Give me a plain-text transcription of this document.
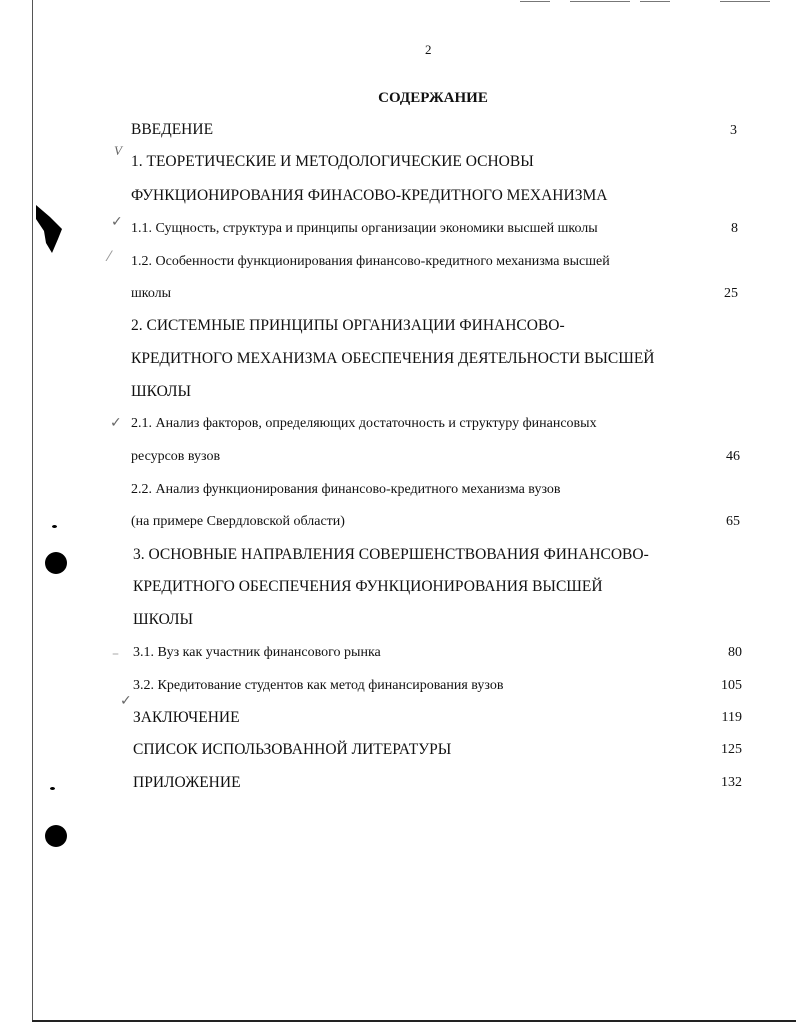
2
СОДЕРЖАНИЕ
V
✓
⁄
✓
–
✓
ВВЕДЕНИЕ	3
1. ТЕОРЕТИЧЕСКИЕ И МЕТОДОЛОГИЧЕСКИЕ ОСНОВЫ
ФУНКЦИОНИРОВАНИЯ ФИНАСОВО-КРЕДИТНОГО МЕХАНИЗМА
1.1. Сущность, структура и принципы организации экономики высшей школы	8
1.2. Особенности функционирования финансово-кредитного механизма высшей
школы	25
2. СИСТЕМНЫЕ ПРИНЦИПЫ ОРГАНИЗАЦИИ ФИНАНСОВО-
КРЕДИТНОГО МЕХАНИЗМА ОБЕСПЕЧЕНИЯ ДЕЯТЕЛЬНОСТИ ВЫСШЕЙ
ШКОЛЫ
2.1. Анализ факторов, определяющих достаточность и структуру финансовых
ресурсов вузов	46
2.2. Анализ функционирования финансово-кредитного механизма вузов
(на примере Свердловской области)	65
3. ОСНОВНЫЕ НАПРАВЛЕНИЯ СОВЕРШЕНСТВОВАНИЯ ФИНАНСОВО-
КРЕДИТНОГО ОБЕСПЕЧЕНИЯ ФУНКЦИОНИРОВАНИЯ ВЫСШЕЙ
ШКОЛЫ
3.1. Вуз как участник финансового рынка	80
3.2. Кредитование студентов как метод финансирования вузов	105
ЗАКЛЮЧЕНИЕ	119
СПИСОК ИСПОЛЬЗОВАННОЙ ЛИТЕРАТУРЫ	125
ПРИЛОЖЕНИЕ	132
